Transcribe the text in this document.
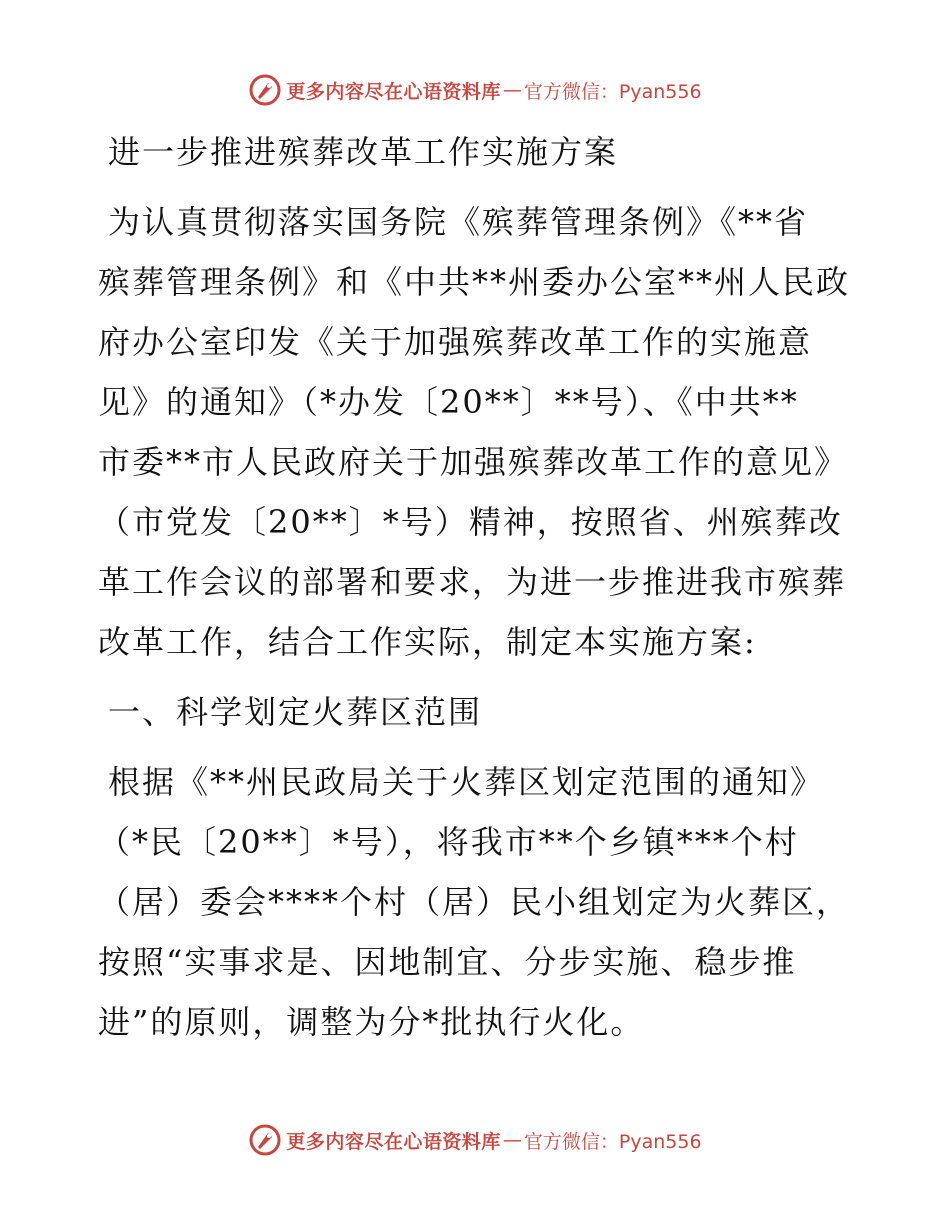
更多内容尽在心语资料库 — 官方微信：Pyan556
进一步推进殡葬改革工作实施方案
为认真贯彻落实国务院《殡葬管理条例》《**省
殡葬管理条例》和《中共**州委办公室**州人民政
府办公室印发《关于加强殡葬改革工作的实施意
见》的通知》（*办发〔20**〕**号）、《中共**
市委**市人民政府关于加强殡葬改革工作的意见》
（市党发〔20**〕*号）精神，按照省、州殡葬改
革工作会议的部署和要求，为进一步推进我市殡葬
改革工作，结合工作实际，制定本实施方案:
一、科学划定火葬区范围
根据《**州民政局关于火葬区划定范围的通知》
（*民〔20**〕*号），将我市**个乡镇***个村
（居）委会****个村（居）民小组划定为火葬区，
按照“实事求是、因地制宜、分步实施、稳步推
进”的原则，调整为分*批执行火化。
更多内容尽在心语资料库 — 官方微信：Pyan556
